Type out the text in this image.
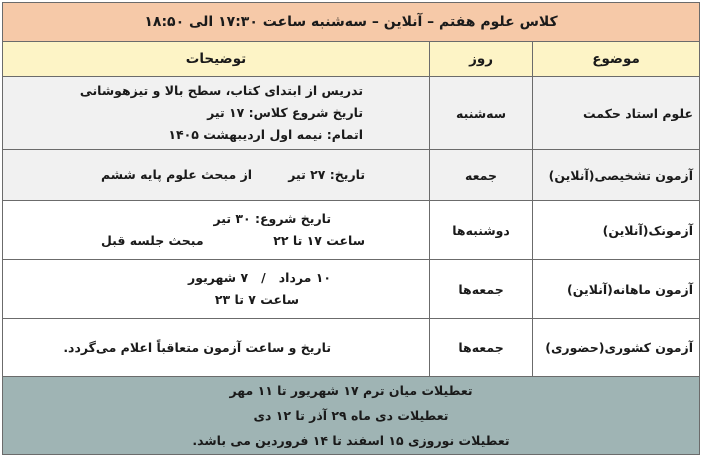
کلاس علوم هفتم – آنلاین – سه‌شنبه ساعت ۱۷:۳۰ الی ۱۸:۵۰		
موضوع	روز	توضیحات
علوم استاد حکمت	سه‌شنبه	تدریس از ابتدای کتاب، سطح بالا و تیزهوشانی
تاریخ شروع کلاس: ۱۷ تیر
اتمام: نیمه اول اردیبهشت ۱۴۰۵

آزمون تشخیصی(آنلاین)	جمعه	تاریخ: ۲۷ تیر
از مبحث علوم پایه ششم

آزمونک(آنلاین)	دوشنبه‌ها	تاریخ شروع: ۳۰ تیر
ساعت ۱۷ تا ۲۲
مبحث جلسه قبل

آزمون ماهانه(آنلاین)	جمعه‌ها	۱۰ مرداد   /   ۷ شهریور
ساعت ۷ تا ۲۳

آزمون کشوری(حضوری)	جمعه‌ها	تاریخ و ساعت آزمون متعاقباً اعلام می‌گردد.

تعطیلات میان ترم ۱۷ شهریور تا ۱۱ مهر
تعطیلات دی ماه ۲۹ آذر تا ۱۲ دی
تعطیلات نوروزی ۱۵ اسفند تا ۱۴ فروردین می باشد.		
